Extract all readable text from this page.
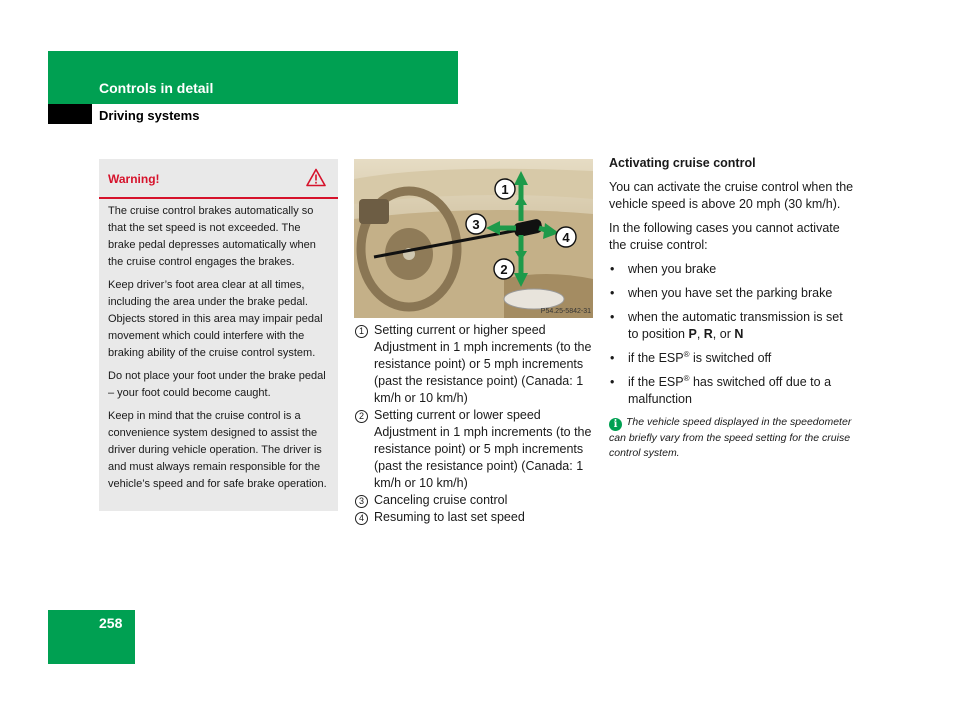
Controls in detail
Driving systems
Warning!

The cruise control brakes automatically so that the set speed is not exceeded. The brake pedal depresses automatically when the cruise control engages the brakes.

Keep driver’s foot area clear at all times, including the area under the brake pedal. Objects stored in this area may impair pedal movement which could interfere with the braking ability of the cruise control system.

Do not place your foot under the brake pedal – your foot could become caught.

Keep in mind that the cruise control is a convenience system designed to assist the driver during vehicle operation. The driver is and must always remain responsible for the vehicle’s speed and for safe brake operation.

1
2
3
4
P54.25-5842-31

1 Setting current or higher speed Adjustment in 1 mph increments (to the resistance point) or 5 mph increments (past the resistance point) (Canada: 1 km/h or 10 km/h)

2 Setting current or lower speed Adjustment in 1 mph increments (to the resistance point) or 5 mph increments (past the resistance point) (Canada: 1 km/h or 10 km/h)

3 Canceling cruise control

4 Resuming to last set speed

Activating cruise control

You can activate the cruise control when the vehicle speed is above 20 mph (30 km/h).

In the following cases you cannot activate the cruise control:

• when you brake
• when you have set the parking brake
• when the automatic transmission is set to position P, R, or N
• if the ESP® is switched off
• if the ESP® has switched off due to a malfunction

i The vehicle speed displayed in the speedometer can briefly vary from the speed setting for the cruise control system.

258
